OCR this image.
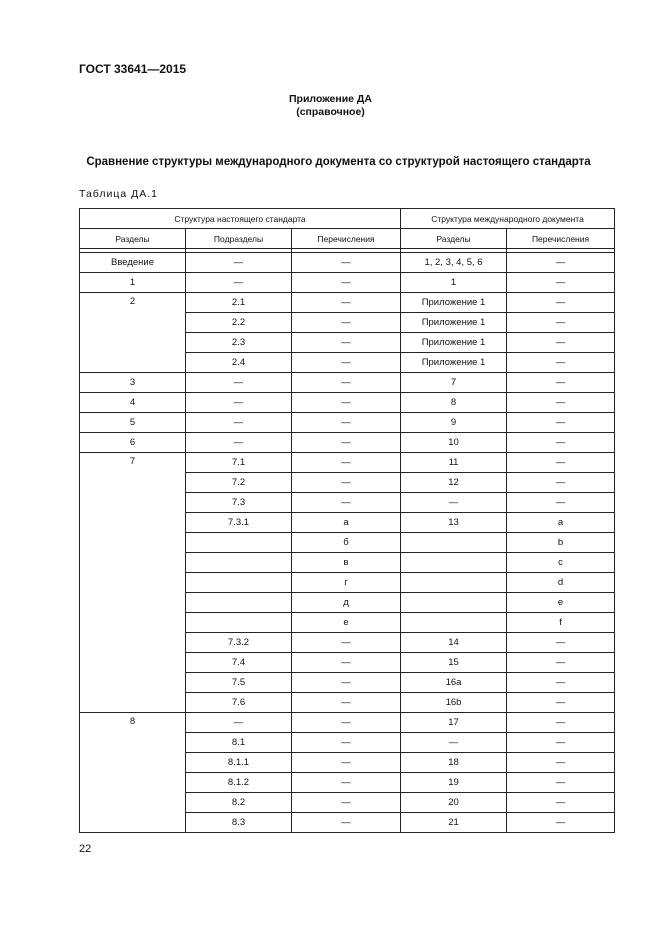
ГОСТ 33641—2015
Приложение ДА
(справочное)
Сравнение структуры международного документа со структурой настоящего стандарта
Таблица ДА.1
Структура настоящего стандарта			Структура международного документа	
Разделы	Подразделы	Перечисления	Разделы	Перечисления

Введение	—	—	1, 2, 3, 4, 5, 6	—
1	—	—	1	—
2	2.1	—	Приложение 1	—
	2.2	—	Приложение 1	—
	2.3	—	Приложение 1	—
	2.4	—	Приложение 1	—
3	—	—	7	—
4	—	—	8	—
5	—	—	9	—
6	—	—	10	—
7	7.1	—	11	—
	7.2	—	12	—
	7.3	—	—	—
	7.3.1	а	13	a
		б		b
		в		c
		г		d
		д		e
		е		f
	7.3.2	—	14	—
	7.4	—	15	—
	7.5	—	16a	—
	7.6	—	16b	—
8	—	—	17	—
	8.1	—	—	—
	8.1.1	—	18	—
	8.1.2	—	19	—
	8.2	—	20	—
	8.3	—	21	—
22
